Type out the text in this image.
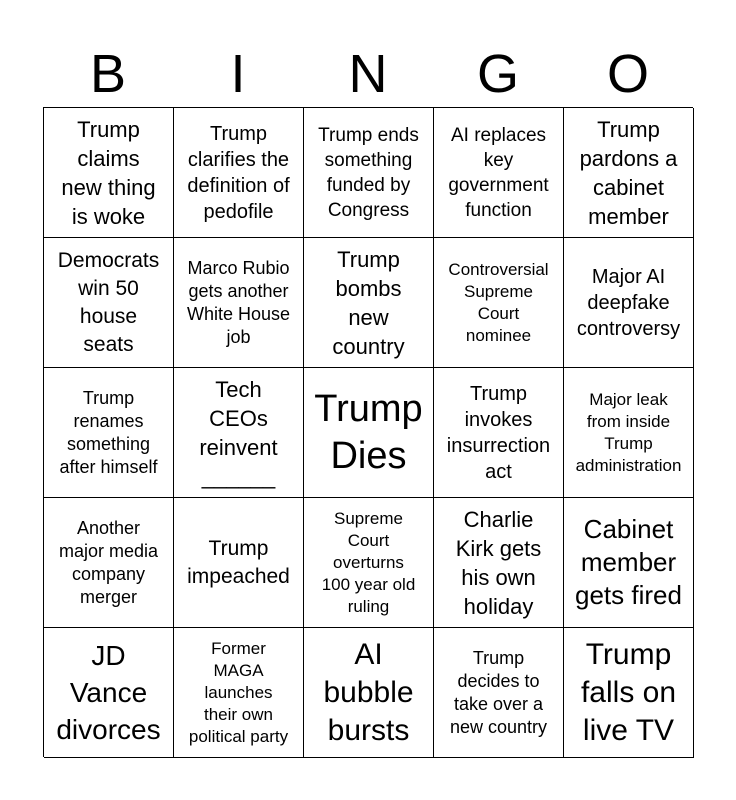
B	I	N	G	O
Trump
claims
new thing
is woke
Trump
clarifies the
definition of
pedofile
Trump ends
something
funded by
Congress
AI replaces
key
government
function
Trump
pardons a
cabinet
member
Democrats
win 50
house
seats
Marco Rubio
gets another
White House
job
Trump
bombs
new
country
Controversial
Supreme
Court
nominee
Major AI
deepfake
controversy
Trump
renames
something
after himself
Tech
CEOs
reinvent
______
Trump
Dies
Trump
invokes
insurrection
act
Major leak
from inside
Trump
administration
Another
major media
company
merger
Trump
impeached
Supreme
Court
overturns
100 year old
ruling
Charlie
Kirk gets
his own
holiday
Cabinet
member
gets fired
JD
Vance
divorces
Former
MAGA
launches
their own
political party
AI
bubble
bursts
Trump
decides to
take over a
new country
Trump
falls on
live TV
